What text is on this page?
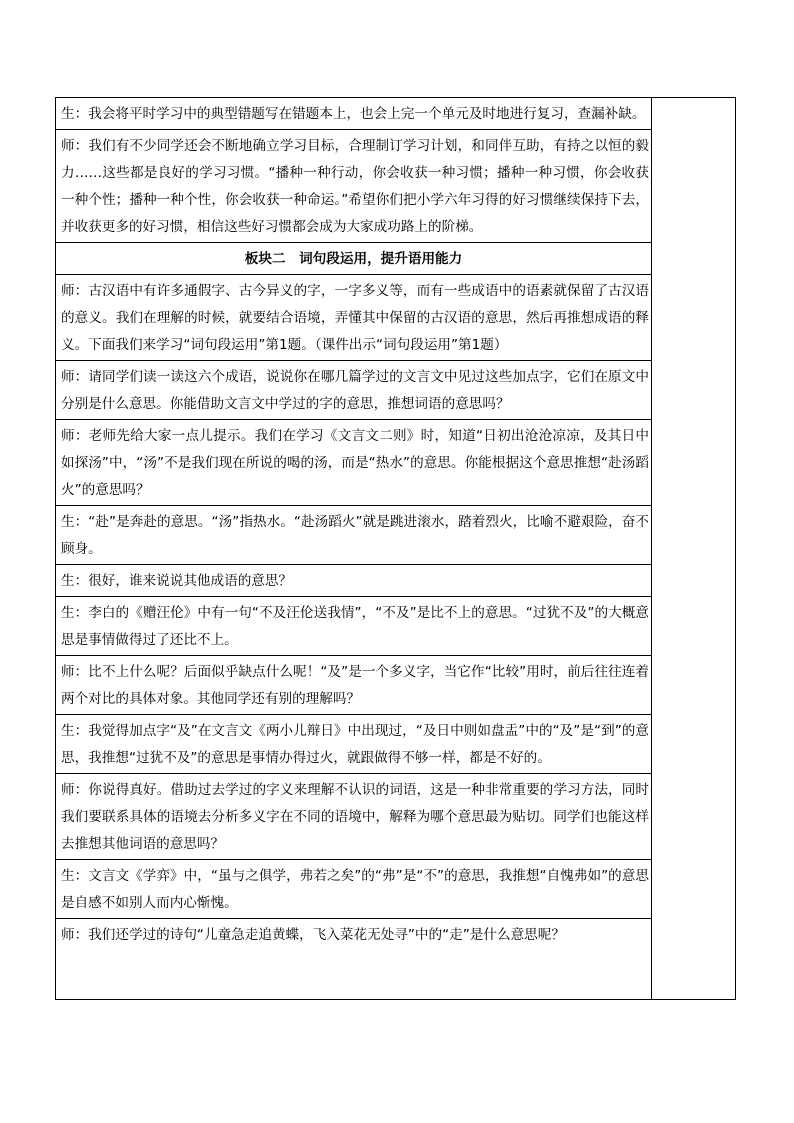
生：我会将平时学习中的典型错题写在错题本上，也会上完一个单元及时地进行复习，查漏补缺。
师：我们有不少同学还会不断地确立学习目标，合理制订学习计划，和同伴互助，有持之以恒的毅力……这些都是良好的学习习惯。“播种一种行动，你会收获一种习惯；播种一种习惯，你会收获一种个性；播种一种个性，你会收获一种命运。”希望你们把小学六年习得的好习惯继续保持下去，并收获更多的好习惯，相信这些好习惯都会成为大家成功路上的阶梯。
板块二　词句段运用，提升语用能力
师：古汉语中有许多通假字、古今异义的字，一字多义等，而有一些成语中的语素就保留了古汉语的意义。我们在理解的时候，就要结合语境，弄懂其中保留的古汉语的意思，然后再推想成语的释义。下面我们来学习“词句段运用”第1题。（课件出示“词句段运用”第1题）
师：请同学们读一读这六个成语，说说你在哪几篇学过的文言文中见过这些加点字，它们在原文中分别是什么意思。你能借助文言文中学过的字的意思，推想词语的意思吗？
师：老师先给大家一点儿提示。我们在学习《文言文二则》时，知道“日初出沧沧凉凉，及其日中如探汤”中，“汤”不是我们现在所说的喝的汤，而是“热水”的意思。你能根据这个意思推想“赴汤蹈火”的意思吗？
生：“赴”是奔赴的意思。“汤”指热水。“赴汤蹈火”就是跳进滚水，踏着烈火，比喻不避艰险，奋不顾身。
生：很好，谁来说说其他成语的意思？
生：李白的《赠汪伦》中有一句“不及汪伦送我情”，“不及”是比不上的意思。“过犹不及”的大概意思是事情做得过了还比不上。
师：比不上什么呢？后面似乎缺点什么呢！“及”是一个多义字，当它作“比较”用时，前后往往连着两个对比的具体对象。其他同学还有别的理解吗？
生：我觉得加点字“及”在文言文《两小儿辩日》中出现过，“及日中则如盘盂”中的“及”是“到”的意思，我推想“过犹不及”的意思是事情办得过火，就跟做得不够一样，都是不好的。
师：你说得真好。借助过去学过的字义来理解不认识的词语，这是一种非常重要的学习方法，同时我们要联系具体的语境去分析多义字在不同的语境中，解释为哪个意思最为贴切。同学们也能这样去推想其他词语的意思吗？
生：文言文《学弈》中，“虽与之俱学，弗若之矣”的“弗”是“不”的意思，我推想“自愧弗如”的意思是自感不如别人而内心惭愧。
师：我们还学过的诗句“儿童急走追黄蝶，飞入菜花无处寻”中的“走”是什么意思呢？
